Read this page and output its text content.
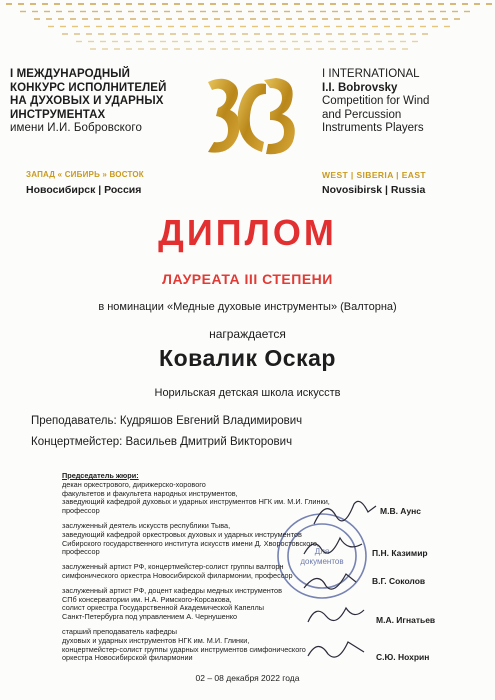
I МЕЖДУНАРОДНЫЙ
КОНКУРС ИСПОЛНИТЕЛЕЙ
НА ДУХОВЫХ И УДАРНЫХ
ИНСТРУМЕНТАХ
имени И.И. Бобровского
I INTERNATIONAL
I.I. Bobrovsky
Competition for Wind
and Percussion
Instruments Players
ЗАПАД « СИБИРЬ » ВОСТОК
Новосибирск | Россия
WEST | SIBERIA | EAST
Novosibirsk | Russia
ДИПЛОМ
ЛАУРЕАТА III СТЕПЕНИ
в номинации «Медные духовые инструменты» (Валторна)
награждается
Ковалик Оскар
Норильская детская школа искусств
Преподаватель: Кудряшов Евгений Владимирович
Концертмейстер: Васильев Дмитрий Викторович
Для
документов
Председатель жюри:
декан оркестрового, дирижерско-хорового
факультетов и факультета народных инструментов,
заведующий кафедрой духовых и ударных инструментов НГК им. М.И. Глинки,
профессор
заслуженный деятель искусств республики Тыва,
заведующий кафедрой оркестровых духовых и ударных инструментов
Сибирского государственного института искусств имени Д. Хворостовского,
профессор
заслуженный артист РФ, концертмейстер-солист группы валторн
симфонического оркестра Новосибирской филармонии, профессор
заслуженный артист РФ, доцент кафедры медных инструментов
СПб консерватории им. Н.А. Римского-Корсакова,
солист оркестра Государственной Академической Капеллы
Санкт-Петербурга под управлением А. Чернушенко
старший преподаватель кафедры
духовых и ударных инструментов НГК им. М.И. Глинки,
концертмейстер-солист группы ударных инструментов симфонического
оркестра Новосибирской филармонии
М.В. Аунс
П.Н. Казимир
В.Г. Соколов
М.А. Игнатьев
С.Ю. Нохрин
02 – 08 декабря 2022 года
